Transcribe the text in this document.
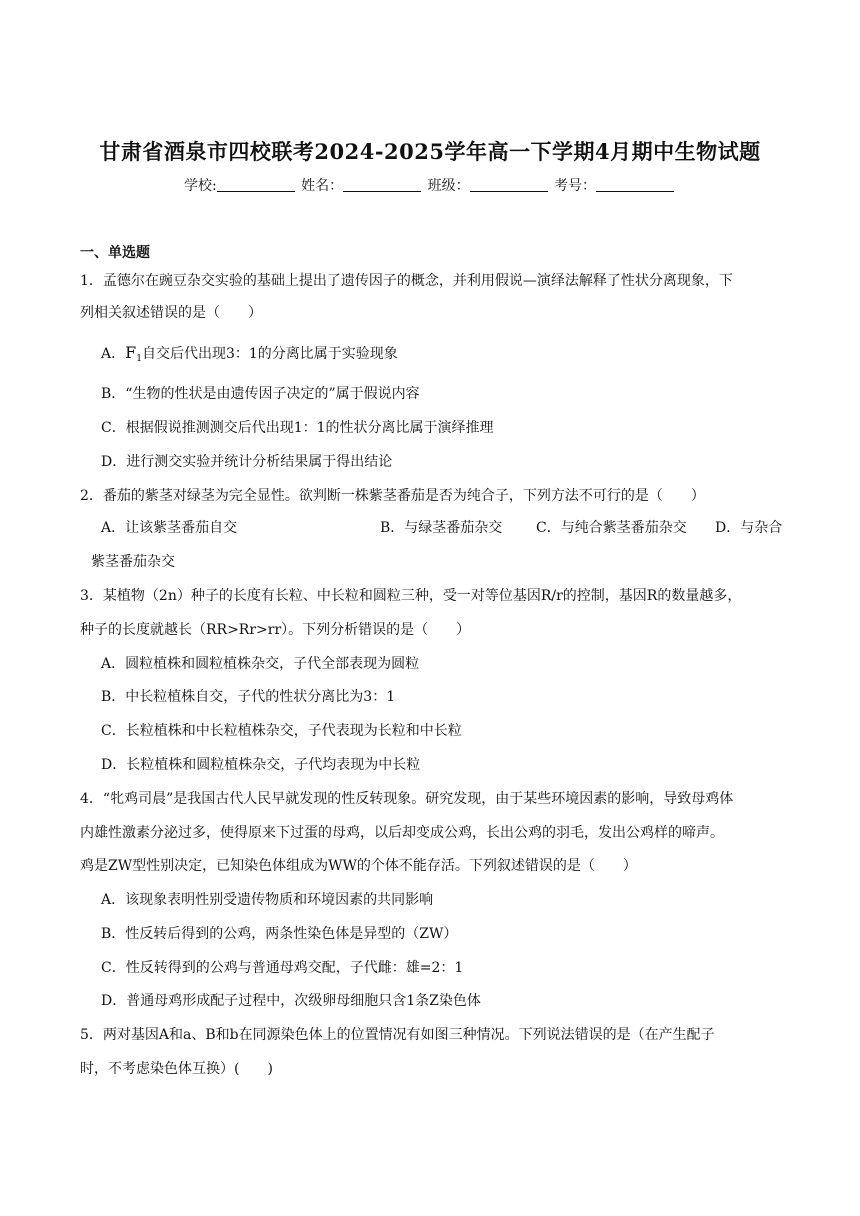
甘肃省酒泉市四校联考2024-2025学年高一下学期4月期中生物试题
学校:	姓名：	班级：	考号：
一、单选题
1．孟德尔在豌豆杂交实验的基础上提出了遗传因子的概念，并利用假说—演绎法解释了性状分离现象，下
列相关叙述错误的是（　　）
A．$F_1$自交后代出现3：1的分离比属于实验现象
B．“生物的性状是由遗传因子决定的”属于假说内容
C．根据假说推测测交后代出现1：1的性状分离比属于演绎推理
D．进行测交实验并统计分析结果属于得出结论
2．番茄的紫茎对绿茎为完全显性。欲判断一株紫茎番茄是否为纯合子，下列方法不可行的是（　　）
A．让该紫茎番茄自交	B．与绿茎番茄杂交 C．与纯合紫茎番茄杂交 D．与杂合
紫茎番茄杂交
3．某植物（2n）种子的长度有长粒、中长粒和圆粒三种，受一对等位基因R/r的控制，基因R的数量越多，
种子的长度就越长（RR>Rr>rr）。下列分析错误的是（　　）
A．圆粒植株和圆粒植株杂交，子代全部表现为圆粒
B．中长粒植株自交，子代的性状分离比为3：1
C．长粒植株和中长粒植株杂交，子代表现为长粒和中长粒
D．长粒植株和圆粒植株杂交，子代均表现为中长粒
4．“牝鸡司晨”是我国古代人民早就发现的性反转现象。研究发现，由于某些环境因素的影响，导致母鸡体
内雄性激素分泌过多，使得原来下过蛋的母鸡，以后却变成公鸡，长出公鸡的羽毛，发出公鸡样的啼声。
鸡是ZW型性别决定，已知染色体组成为WW的个体不能存活。下列叙述错误的是（　　）
A．该现象表明性别受遗传物质和环境因素的共同影响
B．性反转后得到的公鸡，两条性染色体是异型的（ZW）
C．性反转得到的公鸡与普通母鸡交配，子代雌：雄=2：1
D．普通母鸡形成配子过程中，次级卵母细胞只含1条Z染色体
5．两对基因A和a、B和b在同源染色体上的位置情况有如图三种情况。下列说法错误的是（在产生配子
时，不考虑染色体互换）(　　)
